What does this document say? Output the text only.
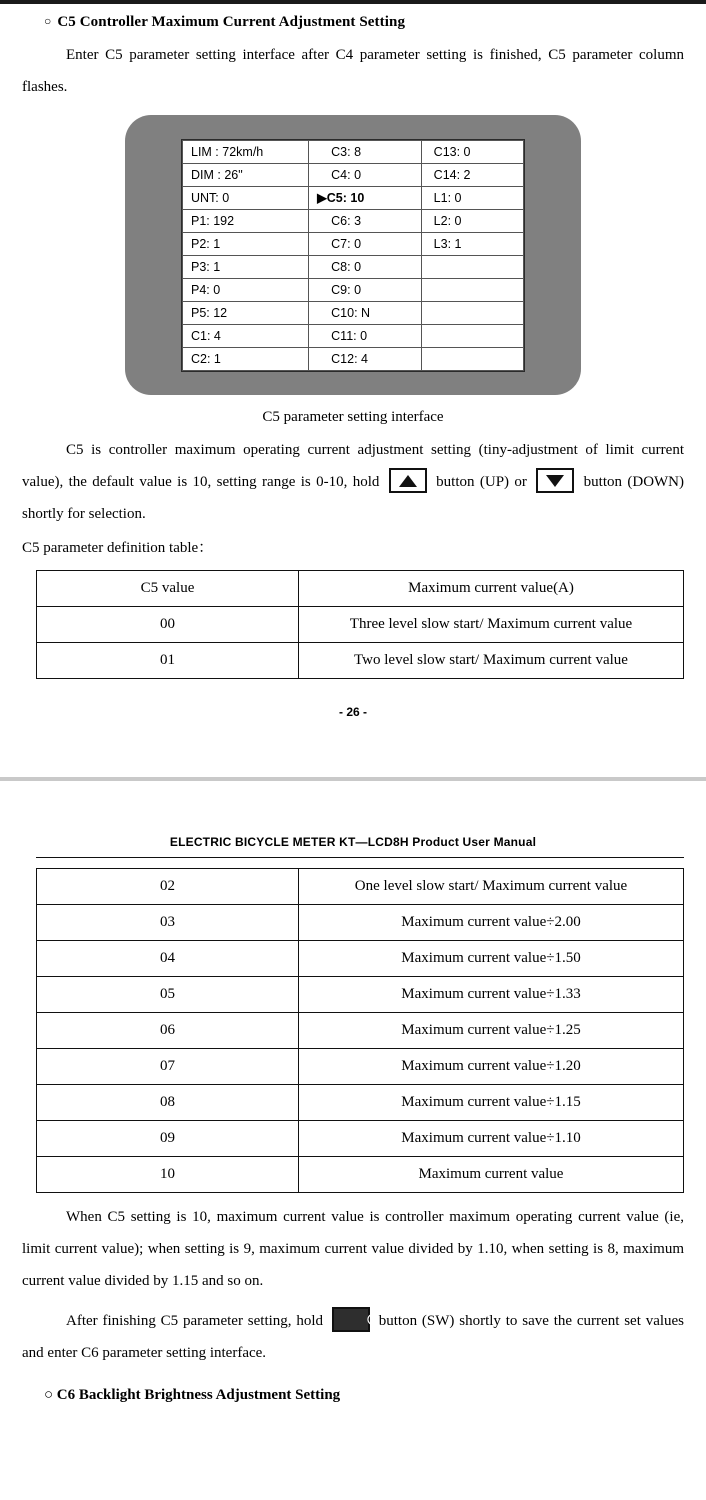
○ C5 Controller Maximum Current Adjustment Setting

Enter C5 parameter setting interface after C4 parameter setting is finished, C5 parameter column flashes.

LIM : 72km/h	C3: 8	C13: 0
DIM : 26"	C4: 0	C14: 2
UNT: 0	▶C5: 10	L1: 0
P1: 192	C6: 3	L2: 0
P2: 1	C7: 0	L3: 1
P3: 1	C8: 0	
P4: 0	C9: 0	
P5: 12	C10: N	
C1: 4	C11: 0	
C2: 1	C12: 4	
C5 parameter setting interface

C5 is controller maximum operating current adjustment setting (tiny-adjustment of limit current value), the default value is 10, setting range is 0-10, hold	button (UP) or	button (DOWN) shortly for selection.

C5 parameter definition table：

C5 value	Maximum current value(A)
00	Three level slow start/ Maximum current value
01	Two level slow start/ Maximum current value
- 26 -
ELECTRIC BICYCLE METER KT—LCD8H Product User Manual
02	One level slow start/ Maximum current value
03	Maximum current value÷2.00
04	Maximum current value÷1.50
05	Maximum current value÷1.33
06	Maximum current value÷1.25
07	Maximum current value÷1.20
08	Maximum current value÷1.15
09	Maximum current value÷1.10
10	Maximum current value

When C5 setting is 10, maximum current value is controller maximum operating current value (ie, limit current value); when setting is 9, maximum current value divided by 1.10, when setting is 8, maximum current value divided by 1.15 and so on.

After finishing C5 parameter setting, hold	⏻ button (SW) shortly to save the current set values and enter C6 parameter setting interface.

○ C6 Backlight Brightness Adjustment Setting
